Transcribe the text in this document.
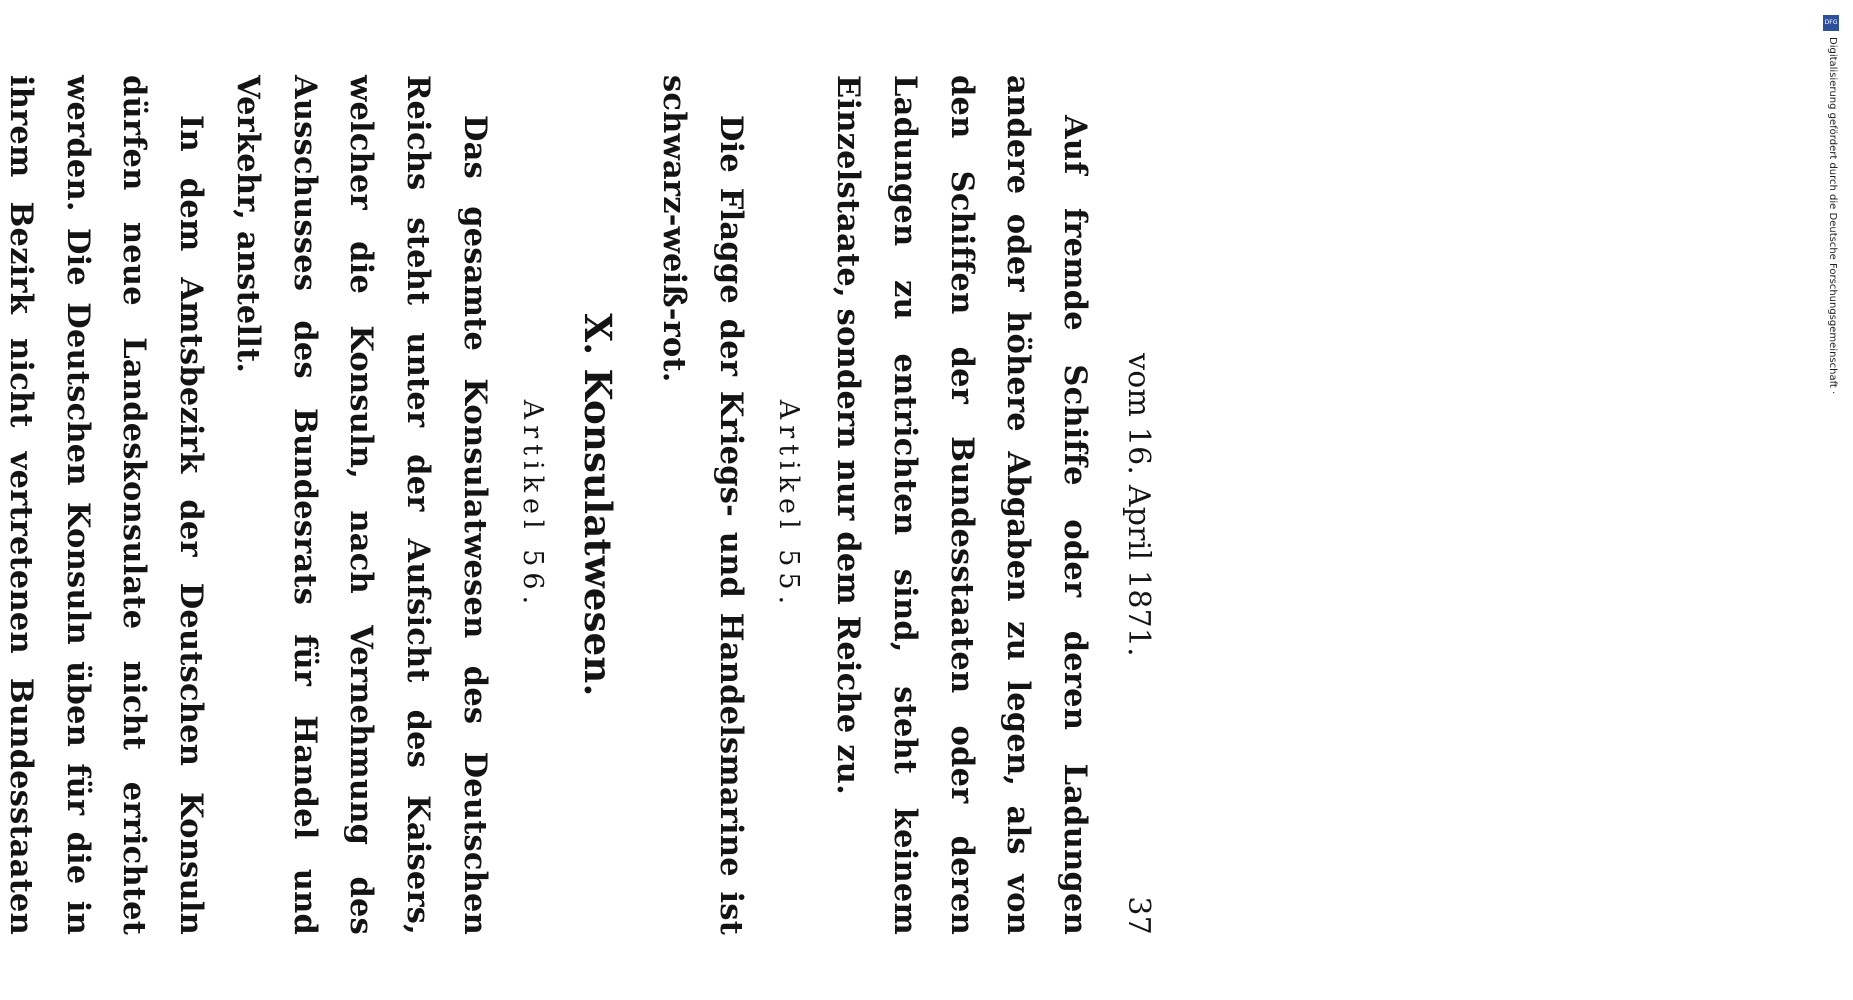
vom 16. April 1871.
37

Auf fremde Schiffe oder deren Ladungen andere oder höhere Abgaben zu legen, als von den Schiffen der Bundesstaaten oder deren Ladungen zu entrichten sind, steht keinem Einzelstaate, sondern nur dem Reiche zu.

Artikel 55.

Die Flagge der Kriegs- und Handelsmarine ist schwarz-weiß-rot.

X. Konsulatwesen.
Artikel 56.

Das gesamte Konsulatwesen des Deutschen Reichs steht unter der Aufsicht des Kaisers, welcher die Konsuln, nach Vernehmung des Ausschusses des Bundesrats für Handel und Verkehr, anstellt.

In dem Amtsbezirk der Deutschen Konsuln dürfen neue Landeskonsulate nicht errichtet werden. Die Deutschen Konsuln üben für die in ihrem Bezirk nicht vertretenen Bundesstaaten

DFG
Digitalisierung gefördert durch die Deutsche Forschungsgemeinschaft ·
